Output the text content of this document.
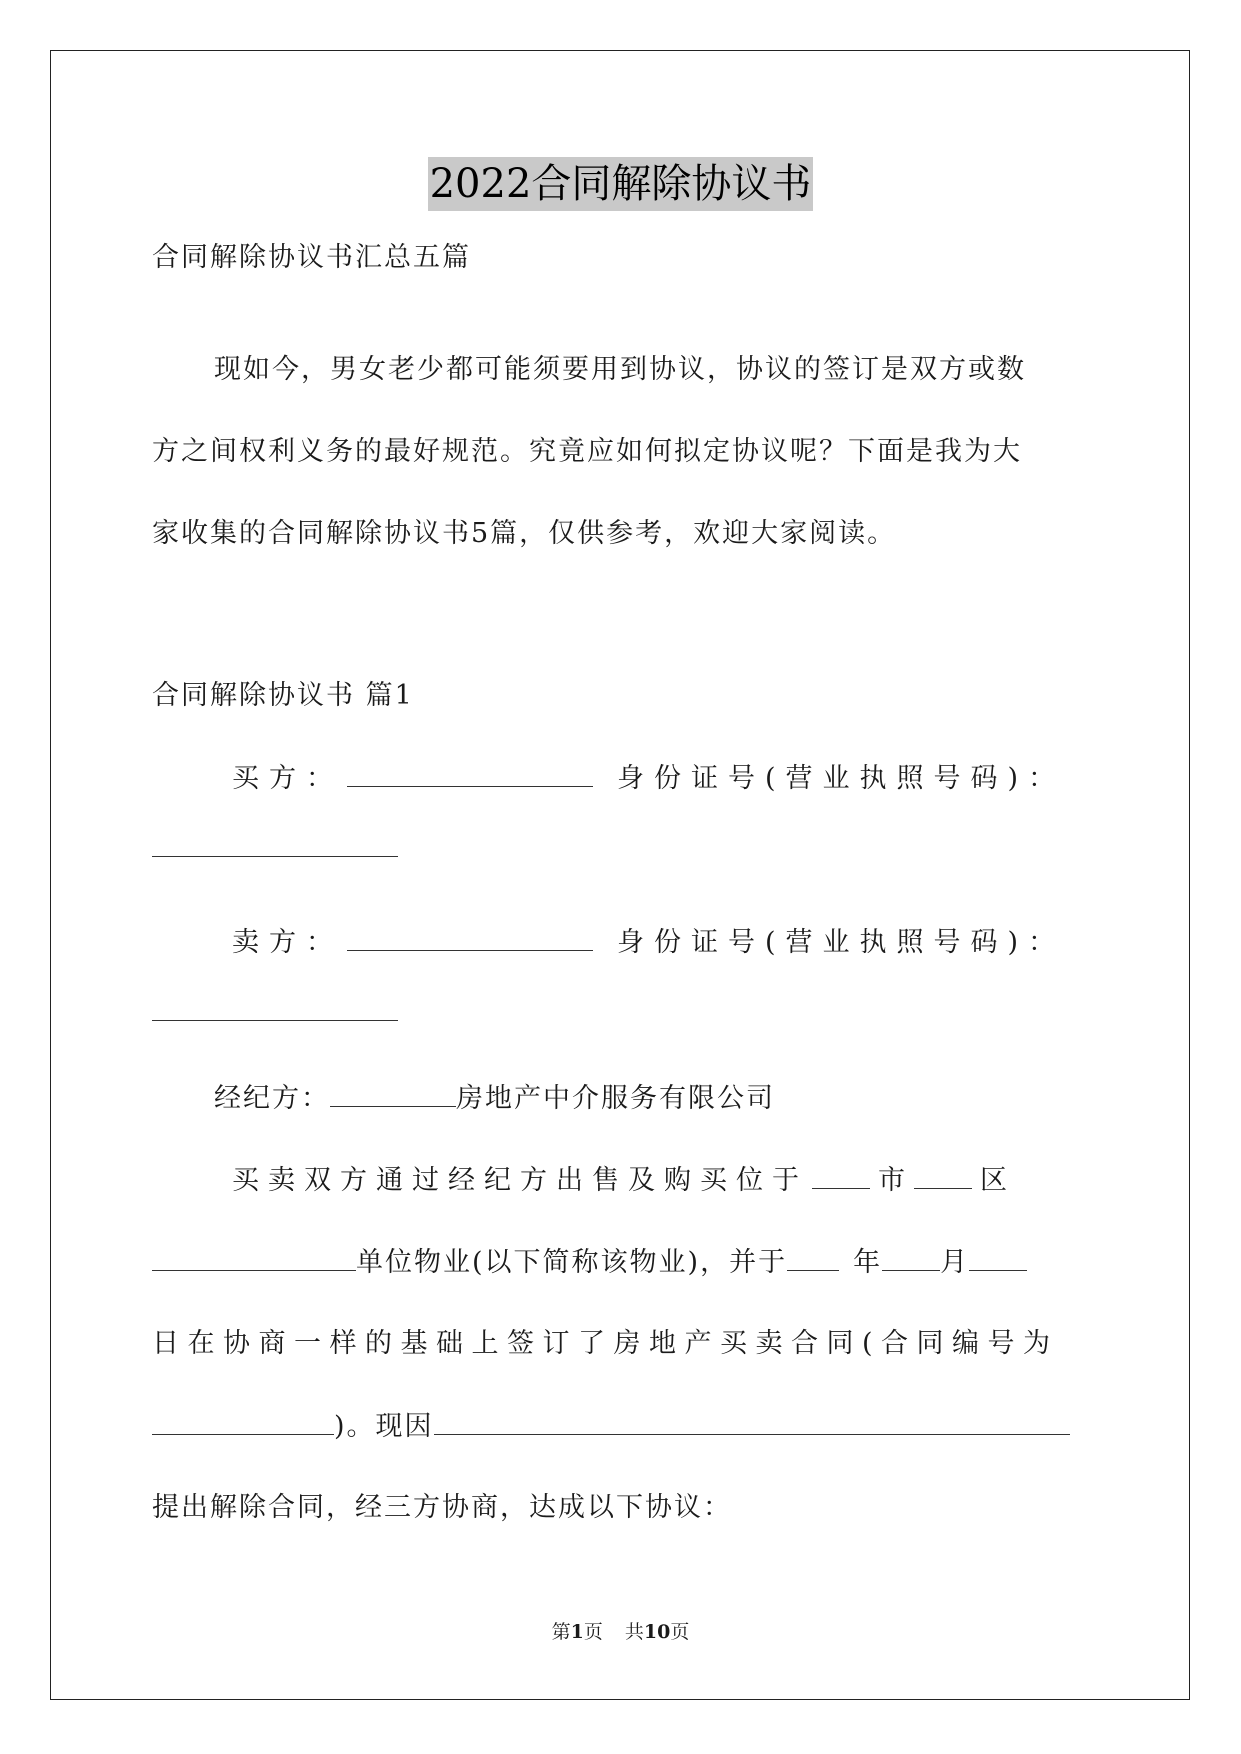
2022合同解除协议书
合同解除协议书汇总五篇
现如今，男女老少都可能须要用到协议，协议的签订是双方或数
方之间权利义务的最好规范。究竟应如何拟定协议呢？下面是我为大
家收集的合同解除协议书5篇，仅供参考，欢迎大家阅读。
合同解除协议书 篇1
买方：	身份证号(营业执照号码)：
卖方：	身份证号(营业执照号码)：
经纪方：	房地产中介服务有限公司
买卖双方通过经纪方出售及购买位于	市 区
单位物业(以下简称该物业)，并于 年 月
日在协商一样的基础上签订了房地产买卖合同(合同编号为
)。现因
提出解除合同，经三方协商，达成以下协议：
第1页 共10页
